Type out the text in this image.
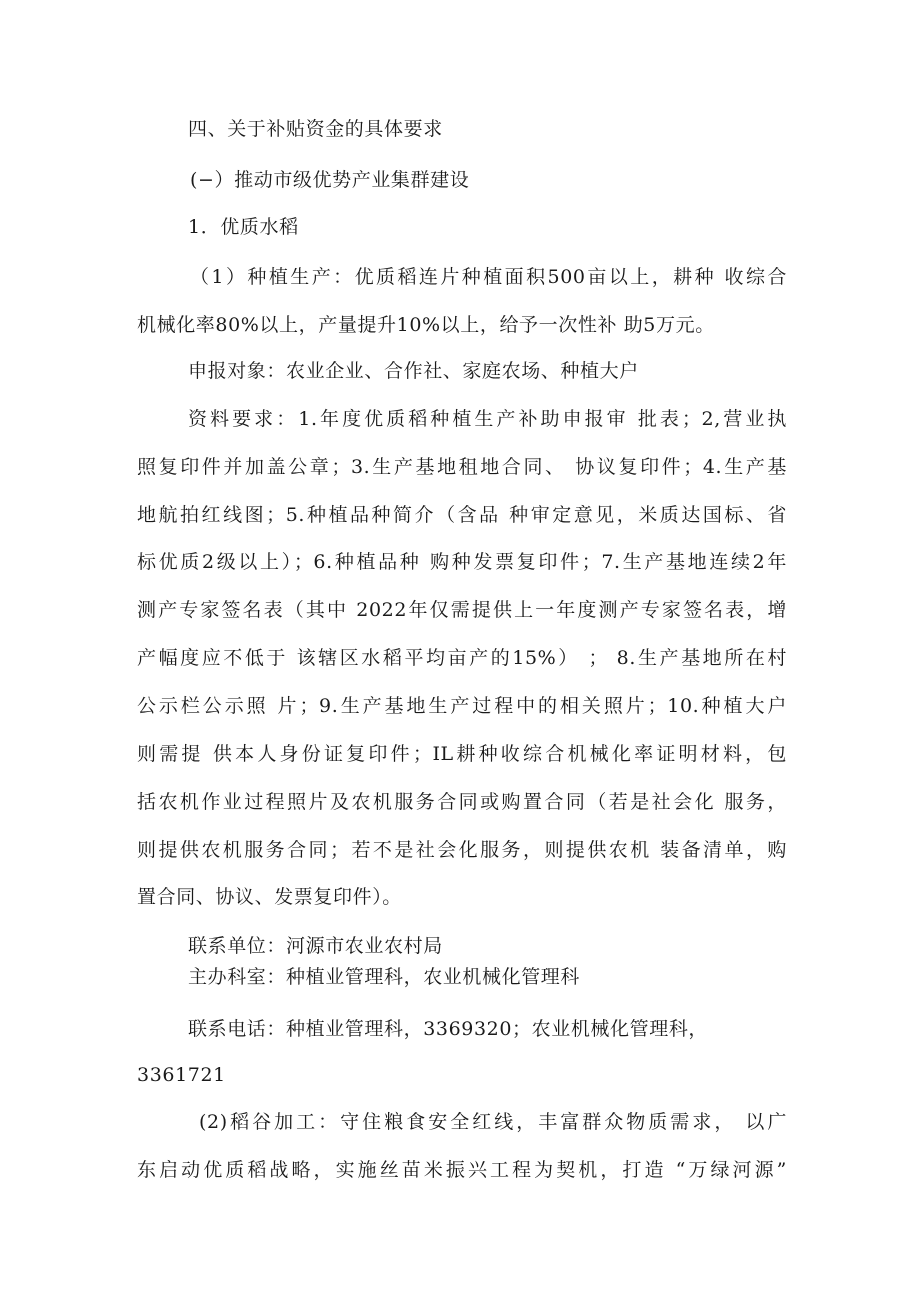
四、关于补贴资金的具体要求
(−）推动市级优势产业集群建设
1．优质水稻
（1）种植生产：优质稻连片种植面积500亩以上，耕种 收综合
机械化率80%以上，产量提升10%以上，给予一次性补 助5万元。
申报对象：农业企业、合作社、家庭农场、种植大户
资料要求：1.年度优质稻种植生产补助申报审 批表；2,营业执
照复印件并加盖公章；3.生产基地租地合同、 协议复印件；4.生产基
地航拍红线图；5.种植品种简介（含品 种审定意见，米质达国标、省
标优质2级以上）；6.种植品种 购种发票复印件；7.生产基地连续2年
测产专家签名表（其中 2022年仅需提供上一年度测产专家签名表，增
产幅度应不低于 该辖区水稻平均亩产的15%） ； 8.生产基地所在村
公示栏公示照 片；9.生产基地生产过程中的相关照片；10.种植大户
则需提 供本人身份证复印件；IL耕种收综合机械化率证明材料，包
括农机作业过程照片及农机服务合同或购置合同（若是社会化 服务，
则提供农机服务合同；若不是社会化服务，则提供农机 装备清单，购
置合同、协议、发票复印件）。
联系单位：河源市农业农村局
主办科室：种植业管理科，农业机械化管理科
联系电话：种植业管理科，3369320；农业机械化管理科，
3361721
(2)稻谷加工：守住粮食安全红线，丰富群众物质需求， 以广
东启动优质稻战略，实施丝苗米振兴工程为契机，打造 “万绿河源”
